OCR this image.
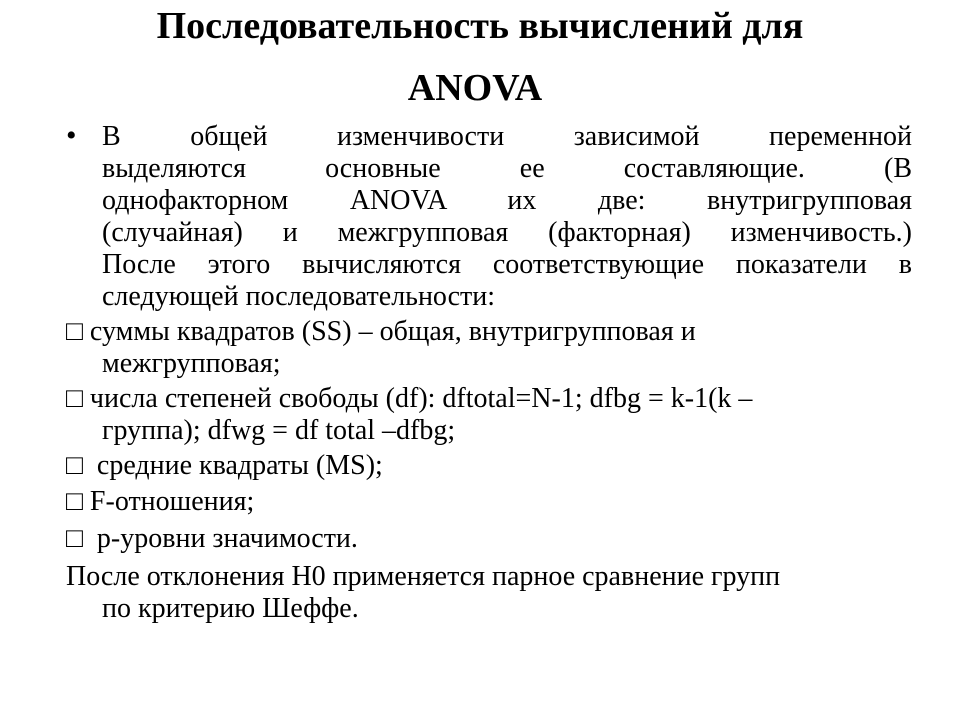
Последовательность вычислений для
ANOVA
• В общей изменчивости зависимой переменной
выделяются основные ее составляющие. (В
однофакторном ANOVA их две: внутригрупповая
(случайная) и межгрупповая (факторная) изменчивость.)
После этого вычисляются соответствующие показатели в
следующей последовательности:
□ суммы квадратов (SS) – общая, внутригрупповая и
межгрупповая;
□ числа степеней свободы (df): dftotal=N-1; dfbg = k-1(k –
группа); dfwg = df total –dfbg;
□  средние квадраты (MS);
□ F-отношения;
□  p-уровни значимости.
После отклонения H0 применяется парное сравнение групп
по критерию Шеффе.
